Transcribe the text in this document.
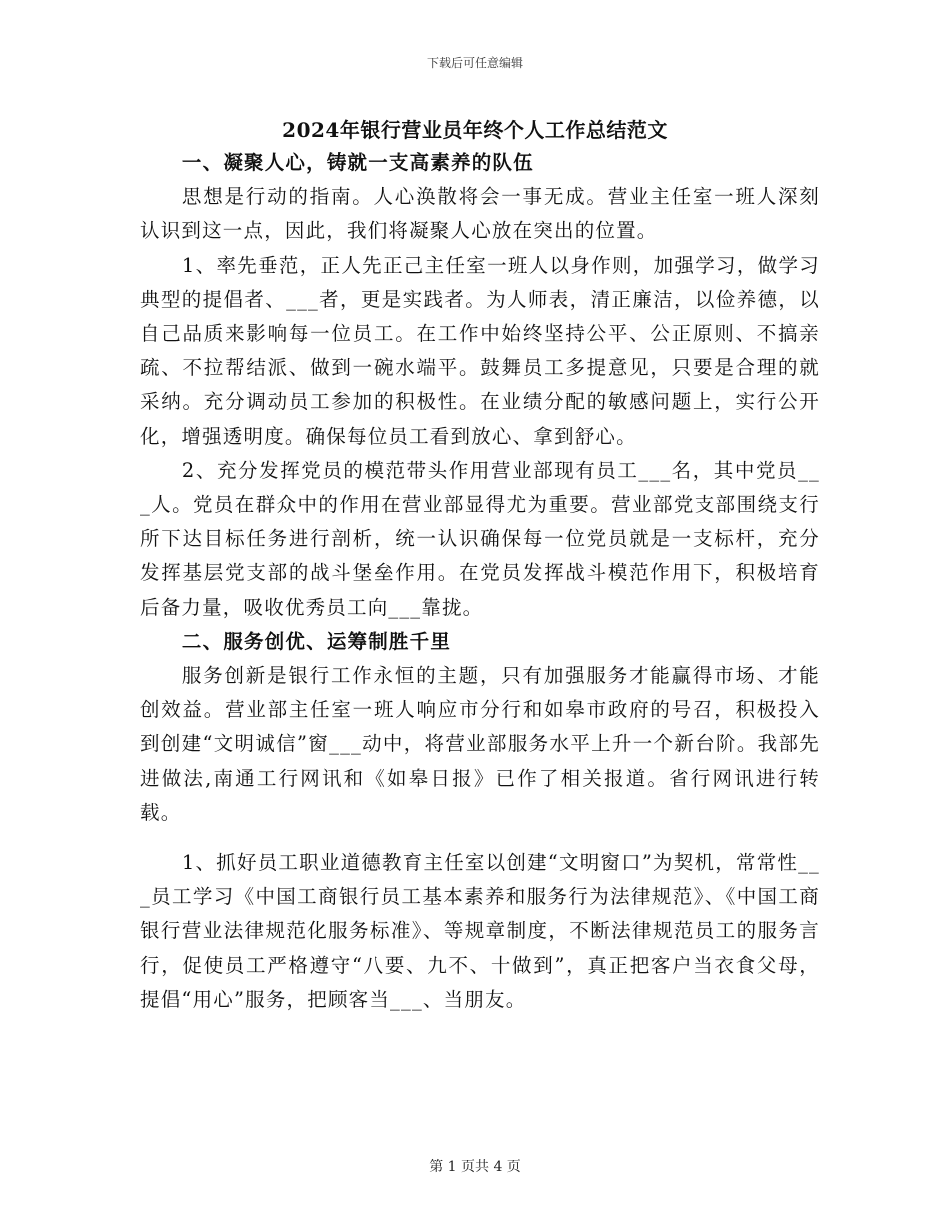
下载后可任意编辑
2024年银行营业员年终个人工作总结范文

一、凝聚人心，铸就一支高素养的队伍

思想是行动的指南。人心涣散将会一事无成。营业主任室一班人深刻认识到这一点，因此，我们将凝聚人心放在突出的位置。

1、率先垂范，正人先正己主任室一班人以身作则，加强学习，做学习典型的提倡者、___者，更是实践者。为人师表，清正廉洁，以俭养德，以自己品质来影响每一位员工。在工作中始终坚持公平、公正原则、不搞亲疏、不拉帮结派、做到一碗水端平。鼓舞员工多提意见，只要是合理的就采纳。充分调动员工参加的积极性。在业绩分配的敏感问题上，实行公开化，增强透明度。确保每位员工看到放心、拿到舒心。

2、充分发挥党员的模范带头作用营业部现有员工___名，其中党员___人。党员在群众中的作用在营业部显得尤为重要。营业部党支部围绕支行所下达目标任务进行剖析，统一认识确保每一位党员就是一支标杆，充分发挥基层党支部的战斗堡垒作用。在党员发挥战斗模范作用下，积极培育后备力量，吸收优秀员工向___靠拢。

二、服务创优、运筹制胜千里

服务创新是银行工作永恒的主题，只有加强服务才能赢得市场、才能创效益。营业部主任室一班人响应市分行和如皋市政府的号召，积极投入到创建“文明诚信”窗___动中，将营业部服务水平上升一个新台阶。我部先进做法,南通工行网讯和《如皋日报》已作了相关报道。省行网讯进行转载。

1、抓好员工职业道德教育主任室以创建“文明窗口”为契机，常常性___员工学习《中国工商银行员工基本素养和服务行为法律规范》、《中国工商银行营业法律规范化服务标准》、等规章制度，不断法律规范员工的服务言行，促使员工严格遵守“八要、九不、十做到”，真正把客户当衣食父母，提倡“用心”服务，把顾客当___、当朋友。

第 1 页共 4 页
